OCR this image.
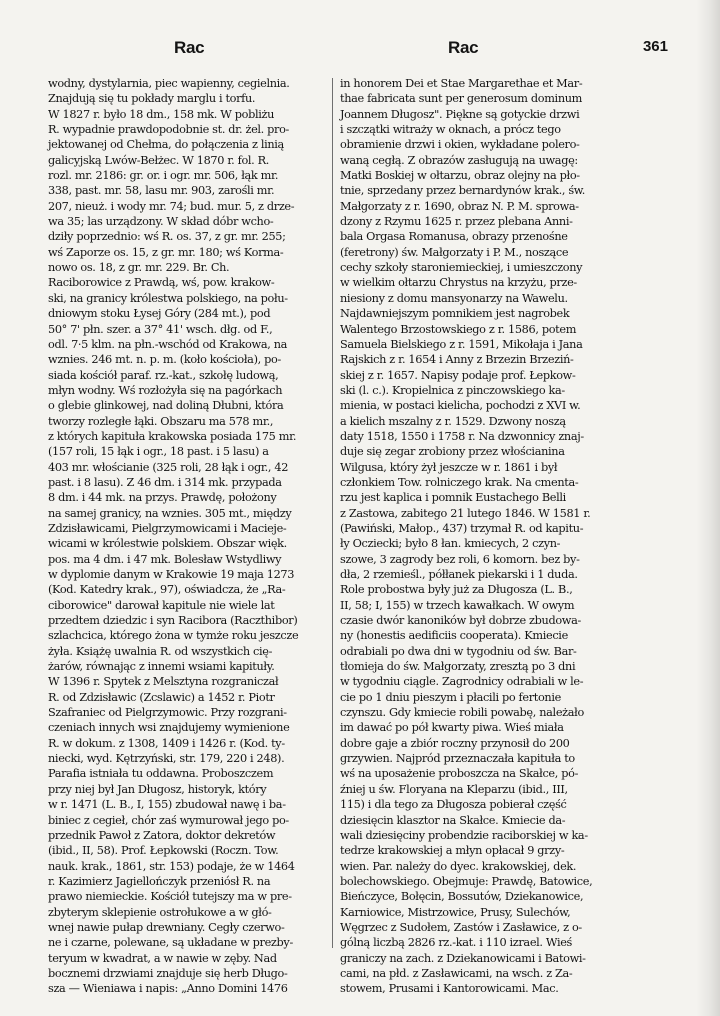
Rac	Rac	361
wodny, dystylarnia, piec wapienny, cegielnia.
Znajdują się tu pokłady marglu i torfu.
W 1827 r. było 18 dm., 158 mk. W pobliżu
R. wypadnie prawdopodobnie st. dr. żel. pro-
jektowanej od Chełma, do połączenia z linią
galicyjską Lwów-Bełżec. W 1870 r. fol. R.
rozl. mr. 2186: gr. or. i ogr. mr. 506, łąk mr.
338, past. mr. 58, lasu mr. 903, zarośli mr.
207, nieuż. i wody mr. 74; bud. mur. 5, z drze-
wa 35; las urządzony. W skład dóbr wcho-
dziły poprzednio: wś R. os. 37, z gr. mr. 255;
wś Zaporze os. 15, z gr. mr. 180; wś Korma-
nowo os. 18, z gr. mr. 229. Br. Ch.
Raciborowice z Prawdą, wś, pow. krakow-
ski, na granicy królestwa polskiego, na połu-
dniowym stoku Łysej Góry (284 mt.), pod
50° 7' płn. szer. a 37° 41' wsch. dłg. od F.,
odl. 7·5 klm. na płn.-wschód od Krakowa, na
wznies. 246 mt. n. p. m. (koło kościoła), po-
siada kościół paraf. rz.-kat., szkołę ludową,
młyn wodny. Wś rozłożyła się na pagórkach
o glebie glinkowej, nad doliną Dłubni, która
tworzy rozległe łąki. Obszaru ma 578 mr.,
z których kapituła krakowska posiada 175 mr.
(157 roli, 15 łąk i ogr., 18 past. i 5 lasu) a
403 mr. włościanie (325 roli, 28 łąk i ogr., 42
past. i 8 lasu). Z 46 dm. i 314 mk. przypada
8 dm. i 44 mk. na przys. Prawdę, położony
na samej granicy, na wznies. 305 mt., między
Zdzisławicami, Pielgrzymowicami i Macieje-
wicami w królestwie polskiem. Obszar więk.
pos. ma 4 dm. i 47 mk. Bolesław Wstydliwy
w dyplomie danym w Krakowie 19 maja 1273
(Kod. Katedry krak., 97), oświadcza, że „Ra-
ciborowice" darował kapitule nie wiele lat
przedtem dziedzic i syn Racibora (Raczthibor)
szlachcica, którego żona w tymże roku jeszcze
żyła. Książę uwalnia R. od wszystkich cię-
żarów, równając z innemi wsiami kapituły.
W 1396 r. Spytek z Melsztyna rozgraniczał
R. od Zdzisławic (Zcslawic) a 1452 r. Piotr
Szafraniec od Pielgrzymowic. Przy rozgrani-
czeniach innych wsi znajdujemy wymienione
R. w dokum. z 1308, 1409 i 1426 r. (Kod. ty-
niecki, wyd. Kętrzyński, str. 179, 220 i 248).
Parafia istniała tu oddawna. Proboszczem
przy niej był Jan Długosz, historyk, który
w r. 1471 (L. B., I, 155) zbudował nawę i ba-
biniec z cegieł, chór zaś wymurował jego po-
przednik Pawoł z Zatora, doktor dekretów
(ibid., II, 58). Prof. Łepkowski (Roczn. Tow.
nauk. krak., 1861, str. 153) podaje, że w 1464
r. Kazimierz Jagiellończyk przeniósł R. na
prawo niemieckie. Kościół tutejszy ma w pre-
zbyterym sklepienie ostrołukowe a w głó-
wnej nawie pułap drewniany. Cegły czerwo-
ne i czarne, polewane, są układane w prezby-
teryum w kwadrat, a w nawie w zęby. Nad
bocznemi drzwiami znajduje się herb Długo-
sza — Wieniawa i napis: „Anno Domini 1476
in honorem Dei et Stae Margarethae et Mar-
thae fabricata sunt per generosum dominum
Joannem Długosz". Piękne są gotyckie drzwi
i szczątki witraży w oknach, a prócz tego
obramienie drzwi i okien, wykładane polero-
waną cegłą. Z obrazów zasługują na uwagę:
Matki Boskiej w ołtarzu, obraz olejny na pło-
tnie, sprzedany przez bernardynów krak., św.
Małgorzaty z r. 1690, obraz N. P. M. sprowa-
dzony z Rzymu 1625 r. przez plebana Anni-
bala Orgasa Romanusa, obrazy przenośne
(feretrony) św. Małgorzaty i P. M., noszące
cechy szkoły staroniemieckiej, i umieszczony
w wielkim ołtarzu Chrystus na krzyżu, prze-
niesiony z domu mansyonarzy na Wawelu.
Najdawniejszym pomnikiem jest nagrobek
Walentego Brzostowskiego z r. 1586, potem
Samuela Bielskiego z r. 1591, Mikołaja i Jana
Rajskich z r. 1654 i Anny z Brzezin Brzeziń-
skiej z r. 1657. Napisy podaje prof. Łepkow-
ski (l. c.). Kropielnica z pinczowskiego ka-
mienia, w postaci kielicha, pochodzi z XVI w.
a kielich mszalny z r. 1529. Dzwony noszą
daty 1518, 1550 i 1758 r. Na dzwonnicy znaj-
duje się zegar zrobiony przez włościanina
Wilgusa, który żył jeszcze w r. 1861 i był
członkiem Tow. rolniczego krak. Na cmenta-
rzu jest kaplica i pomnik Eustachego Belli
z Zastowa, zabitego 21 lutego 1846. W 1581 r.
(Pawiński, Małop., 437) trzymał R. od kapitu-
ły Ocziecki; było 8 łan. kmiecych, 2 czyn-
szowe, 3 zagrody bez roli, 6 komorn. bez by-
dła, 2 rzemieśl., półłanek piekarski i 1 duda.
Role probostwa były już za Długosza (L. B.,
II, 58; I, 155) w trzech kawałkach. W owym
czasie dwór kanoników był dobrze zbudowa-
ny (honestis aedificiis cooperata). Kmiecie
odrabiali po dwa dni w tygodniu od św. Bar-
tłomieja do św. Małgorzaty, zresztą po 3 dni
w tygodniu ciągle. Zagrodnicy odrabiali w le-
cie po 1 dniu pieszym i płacili po fertonie
czynszu. Gdy kmiecie robili powabę, należało
im dawać po pół kwarty piwa. Wieś miała
dobre gaje a zbiór roczny przynosił do 200
grzywien. Najpród przeznaczała kapituła to
wś na uposażenie proboszcza na Skałce, pó-
źniej u św. Floryana na Kleparzu (ibid., III,
115) i dla tego za Długosza pobierał część
dziesięcin klasztor na Skałce. Kmiecie da-
wali dziesięciny probendzie raciborskiej w ka-
tedrze krakowskiej a młyn opłacał 9 grzy-
wien. Par. należy do dyec. krakowskiej, dek.
bolechowskiego. Obejmuje: Prawdę, Batowice,
Bieńczyce, Bołęcin, Bossutów, Dziekanowice,
Karniowice, Mistrzowice, Prusy, Sulechów,
Węgrzec z Sudołem, Zastów i Zasławice, z o-
gólną liczbą 2826 rz.-kat. i 110 izrael. Wieś
graniczy na zach. z Dziekanowicami i Batowi-
cami, na płd. z Zasławicami, na wsch. z Za-
stowem, Prusami i Kantorowicami. Mac.
